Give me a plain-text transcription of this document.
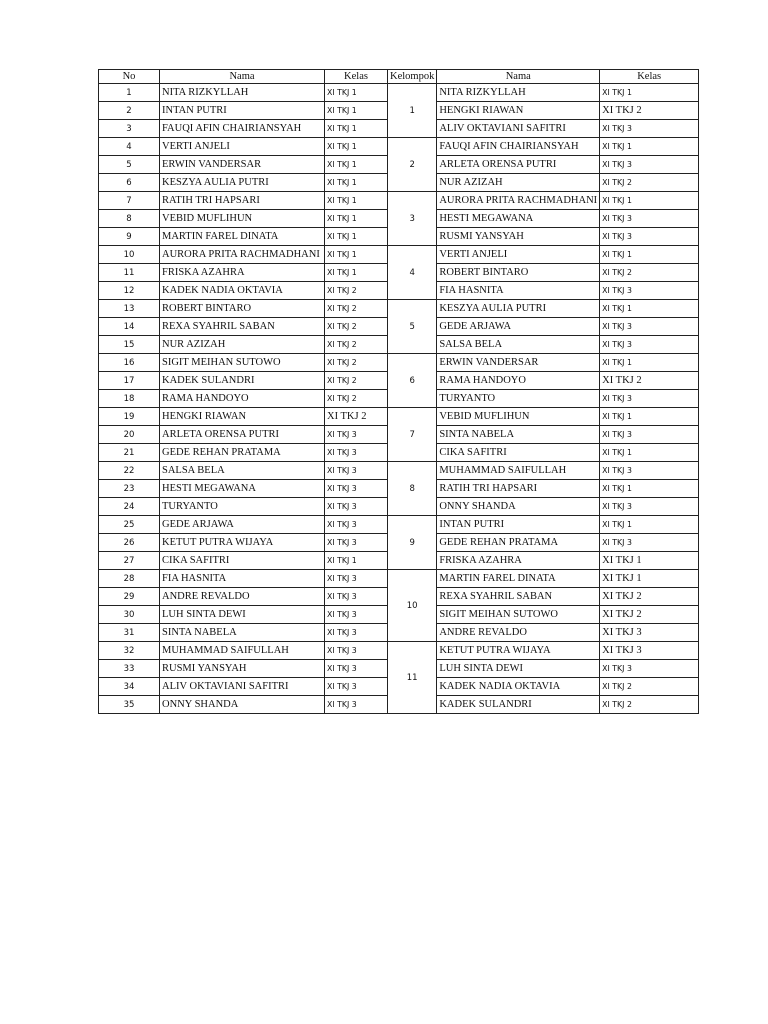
No	Nama	Kelas	Kelompok	Nama	Kelas
1	NITA RIZKYLLAH	XI TKJ 1	1	NITA RIZKYLLAH	XI TKJ 1
2	INTAN PUTRI	XI TKJ 1		HENGKI RIAWAN	XI TKJ 2
3	FAUQI AFIN CHAIRIANSYAH	XI TKJ 1		ALIV OKTAVIANI SAFITRI	XI TKJ 3
4	VERTI ANJELI	XI TKJ 1	2	FAUQI AFIN CHAIRIANSYAH	XI TKJ 1
5	ERWIN VANDERSAR	XI TKJ 1		ARLETA ORENSA PUTRI	XI TKJ 3
6	KESZYA AULIA PUTRI	XI TKJ 1		NUR AZIZAH	XI TKJ 2
7	RATIH TRI HAPSARI	XI TKJ 1	3	AURORA PRITA RACHMADHANI	XI TKJ 1
8	VEBID MUFLIHUN	XI TKJ 1		HESTI MEGAWANA	XI TKJ 3
9	MARTIN FAREL DINATA	XI TKJ 1		RUSMI YANSYAH	XI TKJ 3
10	AURORA PRITA RACHMADHANI	XI TKJ 1	4	VERTI ANJELI	XI TKJ 1
11	FRISKA AZAHRA	XI TKJ 1		ROBERT BINTARO	XI TKJ 2
12	KADEK NADIA OKTAVIA	XI TKJ 2		FIA HASNITA	XI TKJ 3
13	ROBERT BINTARO	XI TKJ 2	5	KESZYA AULIA PUTRI	XI TKJ 1
14	REXA SYAHRIL SABAN	XI TKJ 2		GEDE ARJAWA	XI TKJ 3
15	NUR AZIZAH	XI TKJ 2		SALSA BELA	XI TKJ 3
16	SIGIT MEIHAN SUTOWO	XI TKJ 2	6	ERWIN VANDERSAR	XI TKJ 1
17	KADEK SULANDRI	XI TKJ 2		RAMA HANDOYO	XI TKJ 2
18	RAMA HANDOYO	XI TKJ 2		TURYANTO	XI TKJ 3
19	HENGKI RIAWAN	XI TKJ 2	7	VEBID MUFLIHUN	XI TKJ 1
20	ARLETA ORENSA PUTRI	XI TKJ 3		SINTA NABELA	XI TKJ 3
21	GEDE REHAN PRATAMA	XI TKJ 3		CIKA SAFITRI	XI TKJ 1
22	SALSA BELA	XI TKJ 3	8	MUHAMMAD SAIFULLAH	XI TKJ 3
23	HESTI MEGAWANA	XI TKJ 3		RATIH TRI HAPSARI	XI TKJ 1
24	TURYANTO	XI TKJ 3		ONNY SHANDA	XI TKJ 3
25	GEDE ARJAWA	XI TKJ 3	9	INTAN PUTRI	XI TKJ 1
26	KETUT PUTRA WIJAYA	XI TKJ 3		GEDE REHAN PRATAMA	XI TKJ 3
27	CIKA SAFITRI	XI TKJ 1		FRISKA AZAHRA	XI TKJ 1
28	FIA HASNITA	XI TKJ 3	10	MARTIN FAREL DINATA	XI TKJ 1
29	ANDRE REVALDO	XI TKJ 3		REXA SYAHRIL SABAN	XI TKJ 2
30	LUH SINTA DEWI	XI TKJ 3		SIGIT MEIHAN SUTOWO	XI TKJ 2
31	SINTA NABELA	XI TKJ 3		ANDRE REVALDO	XI TKJ 3
32	MUHAMMAD SAIFULLAH	XI TKJ 3	11	KETUT PUTRA WIJAYA	XI TKJ 3
33	RUSMI YANSYAH	XI TKJ 3		LUH SINTA DEWI	XI TKJ 3
34	ALIV OKTAVIANI SAFITRI	XI TKJ 3		KADEK NADIA OKTAVIA	XI TKJ 2
35	ONNY SHANDA	XI TKJ 3		KADEK SULANDRI	XI TKJ 2
